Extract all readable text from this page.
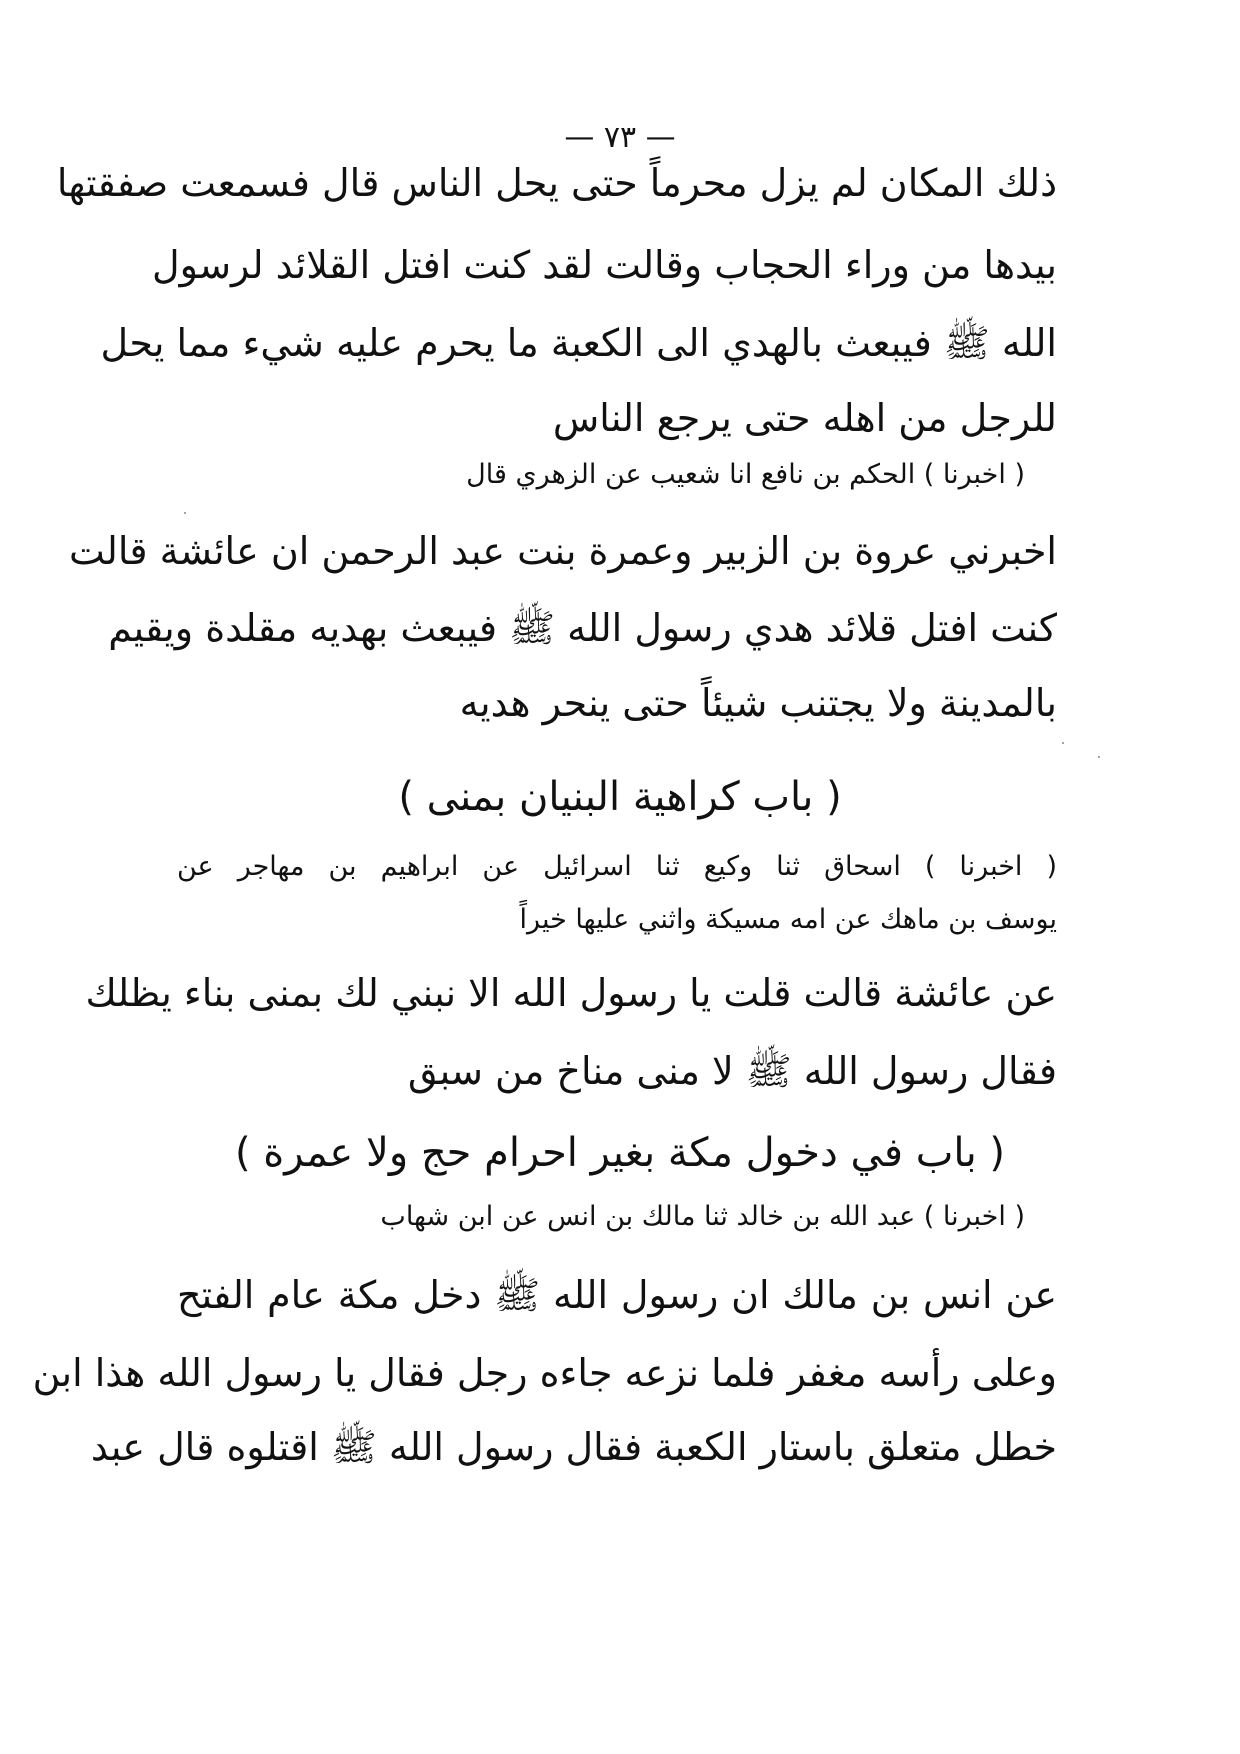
— ٧٣ —
ذلك المكان لم يزل محرماً حتى يحل الناس قال فسمعت صفقتها
بيدها من وراء الحجاب وقالت لقد كنت افتل القلائد لرسول
الله ﷺ فيبعث بالهدي الى الكعبة ما يحرم عليه شيء مما يحل
للرجل من اهله حتى يرجع الناس
( اخبرنا ) الحكم بن نافع انا شعيب عن الزهري قال
اخبرني عروة بن الزبير وعمرة بنت عبد الرحمن ان عائشة قالت
كنت افتل قلائد هدي رسول الله ﷺ فيبعث بهديه مقلدة ويقيم
بالمدينة ولا يجتنب شيئاً حتى ينحر هديه
( باب كراهية البنيان بمنى )
( اخبرنا ) اسحاق ثنا وكيع ثنا اسرائيل عن ابراهيم بن مهاجر عن
يوسف بن ماهك عن امه مسيكة واثني عليها خيراً
عن عائشة قالت قلت يا رسول الله الا نبني لك بمنى بناء يظلك
فقال رسول الله ﷺ لا منى مناخ من سبق
( باب في دخول مكة بغير احرام حج ولا عمرة )
( اخبرنا ) عبد الله بن خالد ثنا مالك بن انس عن ابن شهاب
عن انس بن مالك ان رسول الله ﷺ دخل مكة عام الفتح
وعلى رأسه مغفر فلما نزعه جاءه رجل فقال يا رسول الله هذا ابن
خطل متعلق باستار الكعبة فقال رسول الله ﷺ اقتلوه قال عبد
